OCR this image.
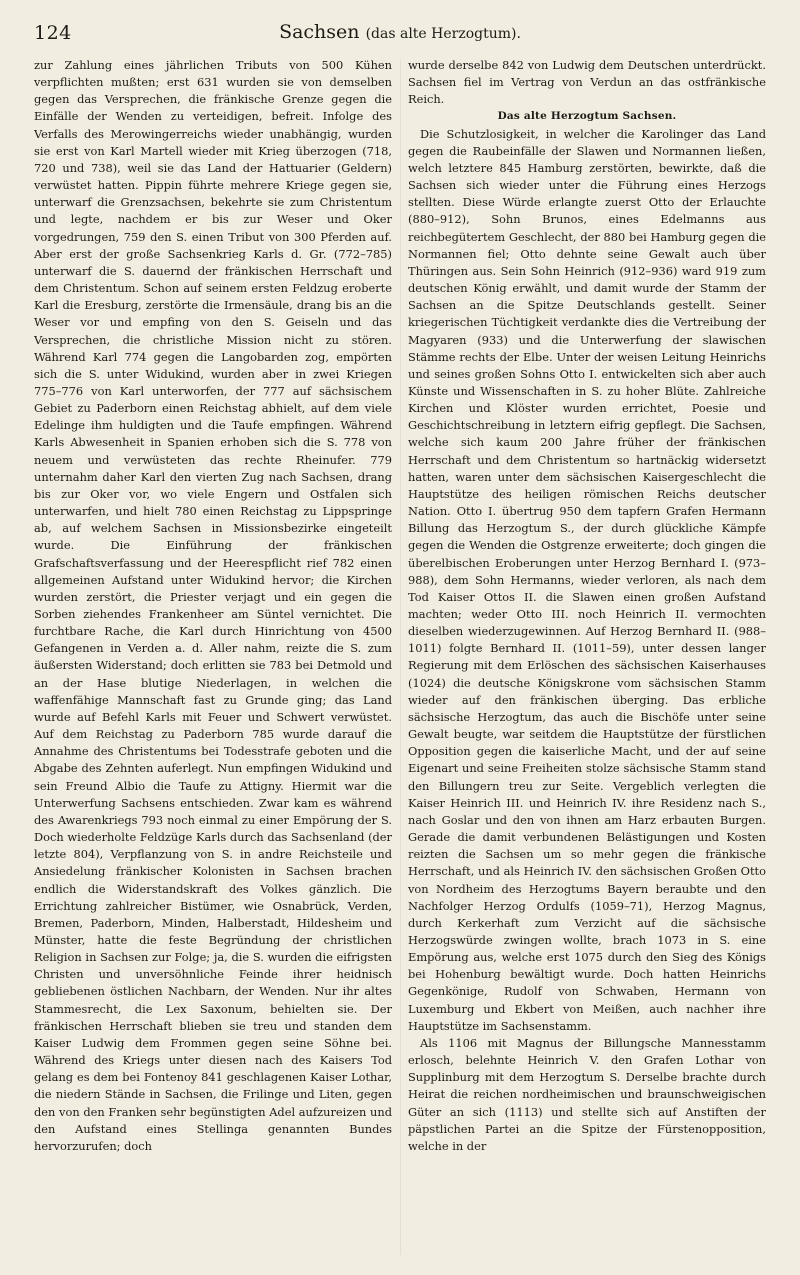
124	Sachsen (das alte Herzogtum).

zur Zahlung eines jährlichen Tributs von 500 Kühen verpflichten mußten; erst 631 wurden sie von demselben gegen das Versprechen, die fränkische Grenze gegen die Einfälle der Wenden zu verteidigen, befreit. Infolge des Verfalls des Merowingerreichs wieder unabhängig, wurden sie erst von Karl Martell wieder mit Krieg überzogen (718, 720 und 738), weil sie das Land der Hattuarier (Geldern) verwüstet hatten. Pippin führte mehrere Kriege gegen sie, unterwarf die Grenzsachsen, bekehrte sie zum Christentum und legte, nachdem er bis zur Weser und Oker vorgedrungen, 759 den S. einen Tribut von 300 Pferden auf. Aber erst der große Sachsenkrieg Karls d. Gr. (772–785) unterwarf die S. dauernd der fränkischen Herrschaft und dem Christentum. Schon auf seinem ersten Feldzug eroberte Karl die Eresburg, zerstörte die Irmensäule, drang bis an die Weser vor und empfing von den S. Geiseln und das Versprechen, die christliche Mission nicht zu stören. Während Karl 774 gegen die Langobarden zog, empörten sich die S. unter Widukind, wurden aber in zwei Kriegen 775–776 von Karl unterworfen, der 777 auf sächsischem Gebiet zu Paderborn einen Reichstag abhielt, auf dem viele Edelinge ihm huldigten und die Taufe empfingen. Während Karls Abwesenheit in Spanien erhoben sich die S. 778 von neuem und verwüsteten das rechte Rheinufer. 779 unternahm daher Karl den vierten Zug nach Sachsen, drang bis zur Oker vor, wo viele Engern und Ostfalen sich unterwarfen, und hielt 780 einen Reichstag zu Lippspringe ab, auf welchem Sachsen in Missionsbezirke eingeteilt wurde. Die Einführung der fränkischen Grafschaftsverfassung und der Heerespflicht rief 782 einen allgemeinen Aufstand unter Widukind hervor; die Kirchen wurden zerstört, die Priester verjagt und ein gegen die Sorben ziehendes Frankenheer am Süntel vernichtet. Die furchtbare Rache, die Karl durch Hinrichtung von 4500 Gefangenen in Verden a. d. Aller nahm, reizte die S. zum äußersten Widerstand; doch erlitten sie 783 bei Detmold und an der Hase blutige Niederlagen, in welchen die waffenfähige Mannschaft fast zu Grunde ging; das Land wurde auf Befehl Karls mit Feuer und Schwert verwüstet. Auf dem Reichstag zu Paderborn 785 wurde darauf die Annahme des Christentums bei Todesstrafe geboten und die Abgabe des Zehnten auferlegt. Nun empfingen Widukind und sein Freund Albio die Taufe zu Attigny. Hiermit war die Unterwerfung Sachsens entschieden. Zwar kam es während des Awarenkriegs 793 noch einmal zu einer Empörung der S. Doch wiederholte Feldzüge Karls durch das Sachsenland (der letzte 804), Verpflanzung von S. in andre Reichsteile und Ansiedelung fränkischer Kolonisten in Sachsen brachen endlich die Widerstandskraft des Volkes gänzlich. Die Errichtung zahlreicher Bistümer, wie Osnabrück, Verden, Bremen, Paderborn, Minden, Halberstadt, Hildesheim und Münster, hatte die feste Begründung der christlichen Religion in Sachsen zur Folge; ja, die S. wurden die eifrigsten Christen und unversöhnliche Feinde ihrer heidnisch gebliebenen östlichen Nachbarn, der Wenden. Nur ihr altes Stammesrecht, die Lex Saxonum, behielten sie. Der fränkischen Herrschaft blieben sie treu und standen dem Kaiser Ludwig dem Frommen gegen seine Söhne bei. Während des Kriegs unter diesen nach des Kaisers Tod gelang es dem bei Fontenoy 841 geschlagenen Kaiser Lothar, die niedern Stände in Sachsen, die Frilinge und Liten, gegen den von den Franken sehr begünstigten Adel aufzureizen und den Aufstand eines Stellinga genannten Bundes hervorzurufen; doch

wurde derselbe 842 von Ludwig dem Deutschen unterdrückt. Sachsen fiel im Vertrag von Verdun an das ostfränkische Reich.

Das alte Herzogtum Sachsen.

Die Schutzlosigkeit, in welcher die Karolinger das Land gegen die Raubeinfälle der Slawen und Normannen ließen, welch letztere 845 Hamburg zerstörten, bewirkte, daß die Sachsen sich wieder unter die Führung eines Herzogs stellten. Diese Würde erlangte zuerst Otto der Erlauchte (880–912), Sohn Brunos, eines Edelmanns aus reichbegütertem Geschlecht, der 880 bei Hamburg gegen die Normannen fiel; Otto dehnte seine Gewalt auch über Thüringen aus. Sein Sohn Heinrich (912–936) ward 919 zum deutschen König erwählt, und damit wurde der Stamm der Sachsen an die Spitze Deutschlands gestellt. Seiner kriegerischen Tüchtigkeit verdankte dies die Vertreibung der Magyaren (933) und die Unterwerfung der slawischen Stämme rechts der Elbe. Unter der weisen Leitung Heinrichs und seines großen Sohns Otto I. entwickelten sich aber auch Künste und Wissenschaften in S. zu hoher Blüte. Zahlreiche Kirchen und Klöster wurden errichtet, Poesie und Geschichtschreibung in letztern eifrig gepflegt. Die Sachsen, welche sich kaum 200 Jahre früher der fränkischen Herrschaft und dem Christentum so hartnäckig widersetzt hatten, waren unter dem sächsischen Kaisergeschlecht die Hauptstütze des heiligen römischen Reichs deutscher Nation. Otto I. übertrug 950 dem tapfern Grafen Hermann Billung das Herzogtum S., der durch glückliche Kämpfe gegen die Wenden die Ostgrenze erweiterte; doch gingen die überelbischen Eroberungen unter Herzog Bernhard I. (973–988), dem Sohn Hermanns, wieder verloren, als nach dem Tod Kaiser Ottos II. die Slawen einen großen Aufstand machten; weder Otto III. noch Heinrich II. vermochten dieselben wiederzugewinnen. Auf Herzog Bernhard II. (988–1011) folgte Bernhard II. (1011–59), unter dessen langer Regierung mit dem Erlöschen des sächsischen Kaiserhauses (1024) die deutsche Königskrone vom sächsischen Stamm wieder auf den fränkischen überging. Das erbliche sächsische Herzogtum, das auch die Bischöfe unter seine Gewalt beugte, war seitdem die Hauptstütze der fürstlichen Opposition gegen die kaiserliche Macht, und der auf seine Eigenart und seine Freiheiten stolze sächsische Stamm stand den Billungern treu zur Seite. Vergeblich verlegten die Kaiser Heinrich III. und Heinrich IV. ihre Residenz nach S., nach Goslar und den von ihnen am Harz erbauten Burgen. Gerade die damit verbundenen Belästigungen und Kosten reizten die Sachsen um so mehr gegen die fränkische Herrschaft, und als Heinrich IV. den sächsischen Großen Otto von Nordheim des Herzogtums Bayern beraubte und den Nachfolger Herzog Ordulfs (1059–71), Herzog Magnus, durch Kerkerhaft zum Verzicht auf die sächsische Herzogswürde zwingen wollte, brach 1073 in S. eine Empörung aus, welche erst 1075 durch den Sieg des Königs bei Hohenburg bewältigt wurde. Doch hatten Heinrichs Gegenkönige, Rudolf von Schwaben, Hermann von Luxemburg und Ekbert von Meißen, auch nachher ihre Hauptstütze im Sachsenstamm.

Als 1106 mit Magnus der Billungsche Mannesstamm erlosch, belehnte Heinrich V. den Grafen Lothar von Supplinburg mit dem Herzogtum S. Derselbe brachte durch Heirat die reichen nordheimischen und braunschweigischen Güter an sich (1113) und stellte sich auf Anstiften der päpstlichen Partei an die Spitze der Fürstenopposition, welche in der
